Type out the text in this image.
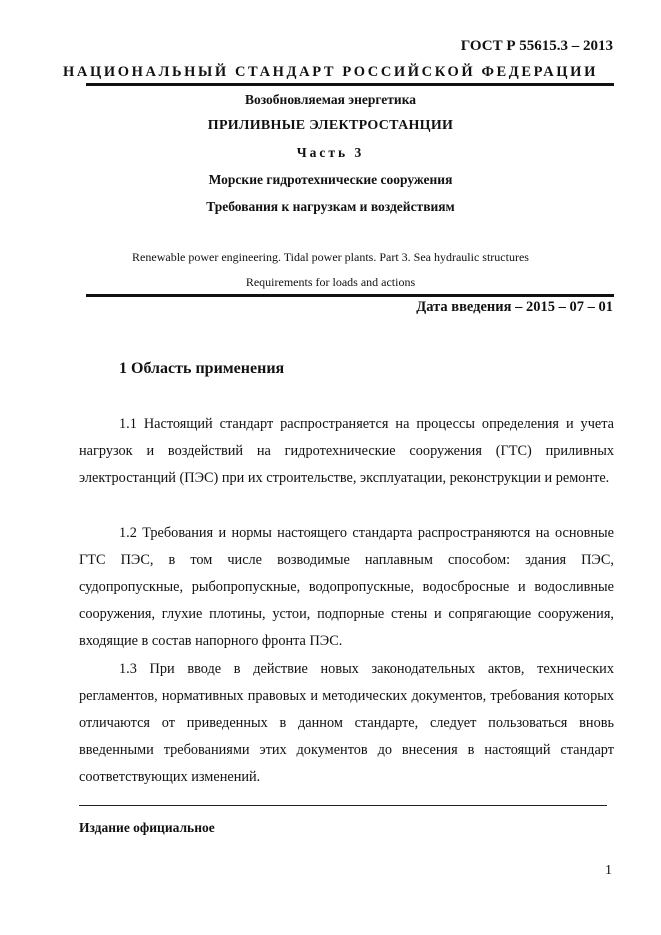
ГОСТ Р 55615.3 – 2013
НАЦИОНАЛЬНЫЙ СТАНДАРТ РОССИЙСКОЙ ФЕДЕРАЦИИ
Возобновляемая энергетика
ПРИЛИВНЫЕ ЭЛЕКТРОСТАНЦИИ
Часть 3
Морские гидротехнические сооружения
Требования к нагрузкам и воздействиям
Renewable power engineering. Tidal power plants. Part 3. Sea hydraulic structures
Requirements for loads and actions
Дата введения – 2015 – 07 – 01
1 Область применения

1.1 Настоящий стандарт распространяется на процессы определения и учета нагрузок и воздействий на гидротехнические сооружения (ГТС) приливных электростанций (ПЭС) при их строительстве, эксплуатации, реконструкции и ремонте.

1.2 Требования и нормы настоящего стандарта распространяются на основные ГТС ПЭС, в том числе возводимые наплавным способом: здания ПЭС, судопропускные, рыбопропускные, водопропускные, водосбросные и водосливные сооружения, глухие плотины, устои, подпорные стены и сопрягающие сооружения, входящие в состав напорного фронта ПЭС.

1.3 При вводе в действие новых законодательных актов, технических регламентов, нормативных правовых и методических документов, требования которых отличаются от приведенных в данном стандарте, следует пользоваться вновь введенными требованиями этих документов до внесения в настоящий стандарт соответствующих изменений.

Издание официальное
1
